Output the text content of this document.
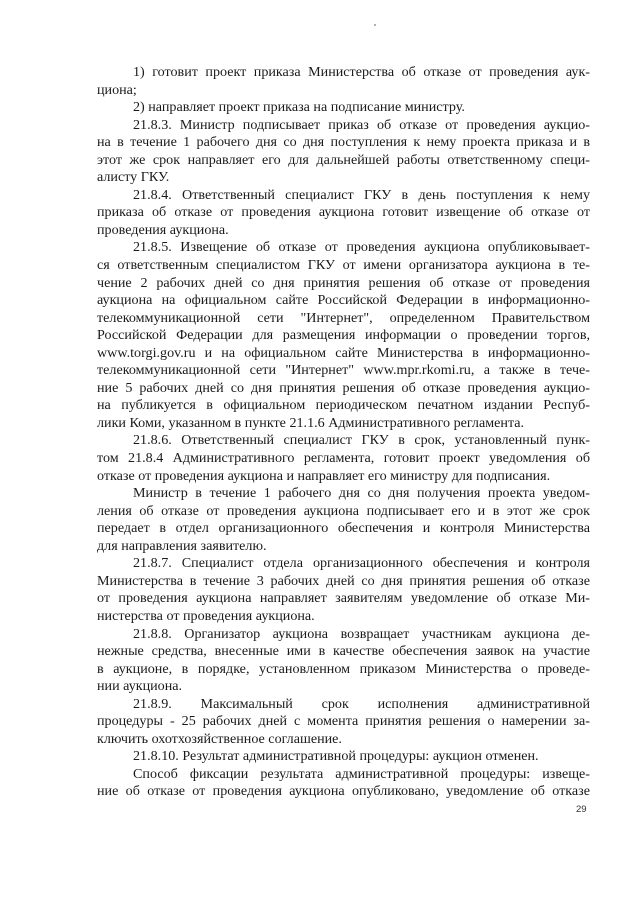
1) готовит проект приказа Министерства об отказе от проведения аук-
циона;
2) направляет проект приказа на подписание министру.
21.8.3. Министр подписывает приказ об отказе от проведения аукцио-
на в течение 1 рабочего дня со дня поступления к нему проекта приказа и в
этот же срок направляет его для дальнейшей работы ответственному специ-
алисту ГКУ.
21.8.4. Ответственный специалист ГКУ в день поступления к нему
приказа об отказе от проведения аукциона готовит извещение об отказе от
проведения аукциона.
21.8.5. Извещение об отказе от проведения аукциона опубликовывает-
ся ответственным специалистом ГКУ от имени организатора аукциона в те-
чение 2 рабочих дней со дня принятия решения об отказе от проведения
аукциона на официальном сайте Российской Федерации в информационно-
телекоммуникационной сети "Интернет", определенном Правительством
Российской Федерации для размещения информации о проведении торгов,
www.torgi.gov.ru и на официальном сайте Министерства в информационно-
телекоммуникационной сети "Интернет" www.mpr.rkomi.ru, а также в тече-
ние 5 рабочих дней со дня принятия решения об отказе проведения аукцио-
на публикуется в официальном периодическом печатном издании Респуб-
лики Коми, указанном в пункте 21.1.6 Административного регламента.
21.8.6. Ответственный специалист ГКУ в срок, установленный пунк-
том 21.8.4 Административного регламента, готовит проект уведомления об
отказе от проведения аукциона и направляет его министру для подписания.
Министр в течение 1 рабочего дня со дня получения проекта уведом-
ления об отказе от проведения аукциона подписывает его и в этот же срок
передает в отдел организационного обеспечения и контроля Министерства
для направления заявителю.
21.8.7. Специалист отдела организационного обеспечения и контроля
Министерства в течение 3 рабочих дней со дня принятия решения об отказе
от проведения аукциона направляет заявителям уведомление об отказе Ми-
нистерства от проведения аукциона.
21.8.8. Организатор аукциона возвращает участникам аукциона де-
нежные средства, внесенные ими в качестве обеспечения заявок на участие
в аукционе, в порядке, установленном приказом Министерства о проведе-
нии аукциона.
21.8.9. Максимальный срок исполнения административной
процедуры - 25 рабочих дней с момента принятия решения о намерении за-
ключить охотхозяйственное соглашение.
21.8.10. Результат административной процедуры: аукцион отменен.
Способ фиксации результата административной процедуры: извеще-
ние об отказе от проведения аукциона опубликовано, уведомление об отказе
29
